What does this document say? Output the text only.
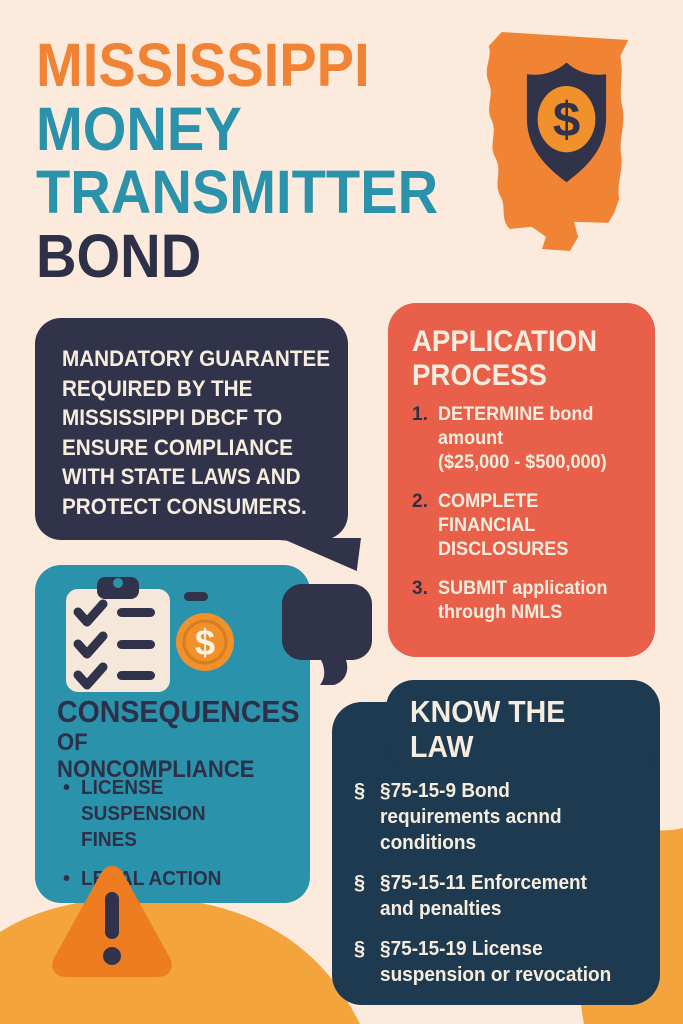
MISSISSIPPI
MONEY
TRANSMITTER
BOND
$
MANDATORY GUARANTEE
REQUIRED BY THE
MISSISSIPPI DBCF TO
ENSURE COMPLIANCE
WITH STATE LAWS AND
PROTECT CONSUMERS.
APPLICATION
PROCESS
1. DETERMINE bond
amount
($25,000 - $500,000)
2. COMPLETE
FINANCIAL
DISCLOSURES
3. SUBMIT application
through NMLS
$
CONSEQUENCES
OF NONCOMPLIANCE
• LICENSE SUSPENSION
FINES
• LECAL ACTION
KNOW THE
LAW
§ §75-15-9 Bond
requirements acnnd
conditions
§ §75-15-11 Enforcement
and penalties
§ §75-15-19 License
suspension or revocation
